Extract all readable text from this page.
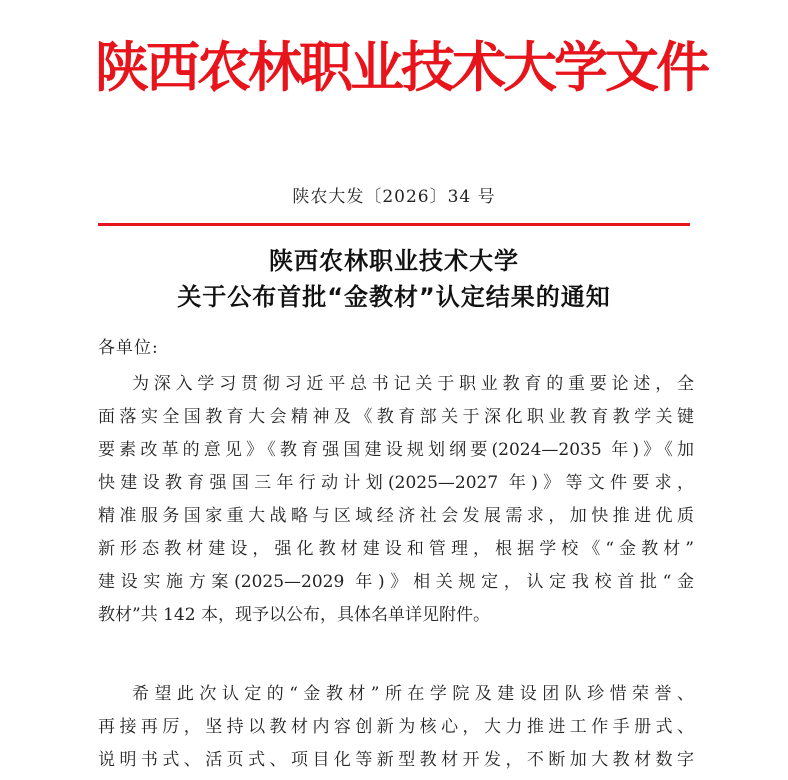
陕西农林职业技术大学文件
陕农大发〔2026〕34 号
陕西农林职业技术大学
关于公布首批“金教材”认定结果的通知
各单位:
为深入学习贯彻习近平总书记关于职业教育的重要论述，全
面落实全国教育大会精神及《教育部关于深化职业教育教学关键
要素改革的意见》《教育强国建设规划纲要(2024—2035 年)》《加
快建设教育强国三年行动计划(2025—2027 年)》等文件要求，
精准服务国家重大战略与区域经济社会发展需求，加快推进优质
新形态教材建设，强化教材建设和管理，根据学校《“金教材”
建设实施方案(2025—2029 年)》相关规定，认定我校首批“金
教材”共 142 本，现予以公布，具体名单详见附件。
希望此次认定的“金教材”所在学院及建设团队珍惜荣誉、
再接再厉，坚持以教材内容创新为核心，大力推进工作手册式、
说明书式、活页式、项目化等新型教材开发，不断加大教材数字
